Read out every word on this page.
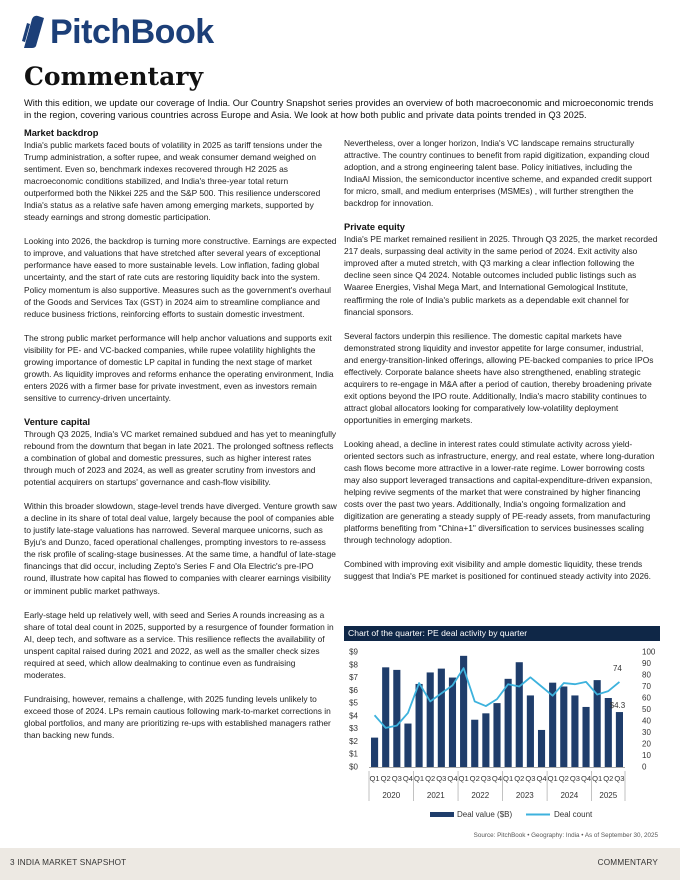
PitchBook
Commentary
With this edition, we update our coverage of India. Our Country Snapshot series provides an overview of both macroeconomic and microeconomic trends in the region, covering various countries across Europe and Asia. We look at how both public and private data points trended in Q3 2025.
Market backdrop

India's public markets faced bouts of volatility in 2025 as tariff tensions under the Trump administration, a softer rupee, and weak consumer demand weighed on sentiment. Even so, benchmark indexes recovered through H2 2025 as macroeconomic conditions stabilized, and India's three-year total return outperformed both the Nikkei 225 and the S&P 500. This resilience underscored India's status as a relative safe haven among emerging markets, supported by steady earnings and strong domestic participation.

Looking into 2026, the backdrop is turning more constructive. Earnings are expected to improve, and valuations that have stretched after several years of exceptional performance have eased to more sustainable levels. Low inflation, fading global uncertainty, and the start of rate cuts are restoring liquidity back into the system. Policy momentum is also supportive. Measures such as the government's overhaul of the Goods and Services Tax (GST) in 2024 aim to streamline compliance and reduce business frictions, reinforcing efforts to sustain domestic investment.

The strong public market performance will help anchor valuations and supports exit visibility for PE- and VC-backed companies, while rupee volatility highlights the growing importance of domestic LP capital in funding the next stage of market growth. As liquidity improves and reforms enhance the operating environment, India enters 2026 with a firmer base for private investment, even as investors remain sensitive to currency-driven uncertainty.

Venture capital

Through Q3 2025, India's VC market remained subdued and has yet to meaningfully rebound from the downturn that began in late 2021. The prolonged softness reflects a combination of global and domestic pressures, such as higher interest rates through much of 2023 and 2024, as well as greater scrutiny from investors and potential acquirers on startups' governance and cash-flow visibility.

Within this broader slowdown, stage-level trends have diverged. Venture growth saw a decline in its share of total deal value, largely because the pool of companies able to justify late-stage valuations has narrowed. Several marquee unicorns, such as Byju's and Dunzo, faced operational challenges, prompting investors to re-assess the risk profile of scaling-stage businesses. At the same time, a handful of late-stage financings that did occur, including Zepto's Series F and Ola Electric's pre-IPO round, illustrate how capital has flowed to companies with clearer earnings visibility or imminent public market pathways.

Early-stage held up relatively well, with seed and Series A rounds increasing as a share of total deal count in 2025, supported by a resurgence of founder formation in AI, deep tech, and software as a service. This resilience reflects the availability of unspent capital raised during 2021 and 2022, as well as the smaller check sizes required at seed, which allow dealmaking to continue even as fundraising moderates.

Fundraising, however, remains a challenge, with 2025 funding levels unlikely to exceed those of 2024. LPs remain cautious following mark-to-market corrections in global portfolios, and many are prioritizing re-ups with established managers rather than backing new funds.

Nevertheless, over a longer horizon, India's VC landscape remains structurally attractive. The country continues to benefit from rapid digitization, expanding cloud adoption, and a strong engineering talent base. Policy initiatives, including the IndiaAI Mission, the semiconductor incentive scheme, and expanded credit support for micro, small, and medium enterprises (MSMEs) , will further strengthen the backdrop for innovation.

Private equity

India's PE market remained resilient in 2025. Through Q3 2025, the market recorded 217 deals, surpassing deal activity in the same period of 2024. Exit activity also improved after a muted stretch, with Q3 marking a clear inflection following the decline seen since Q4 2024. Notable outcomes included public listings such as Waaree Energies, Vishal Mega Mart, and International Gemological Institute, reaffirming the role of India's public markets as a dependable exit channel for financial sponsors.

Several factors underpin this resilience. The domestic capital markets have demonstrated strong liquidity and investor appetite for large consumer, industrial, and energy-transition-linked offerings, allowing PE-backed companies to price IPOs effectively. Corporate balance sheets have also strengthened, enabling strategic acquirers to re-engage in M&A after a period of caution, thereby broadening private exit options beyond the IPO route. Additionally, India's macro stability continues to attract global allocators looking for comparatively low-volatility deployment opportunities in emerging markets.

Looking ahead, a decline in interest rates could stimulate activity across yield-oriented sectors such as infrastructure, energy, and real estate, where long-duration cash flows become more attractive in a lower-rate regime. Lower borrowing costs may also support leveraged transactions and capital-expenditure-driven expansion, helping revive segments of the market that were constrained by higher financing costs over the past two years. Additionally, India's ongoing formalization and digitization are generating a steady supply of PE-ready assets, from manufacturing platforms benefiting from "China+1" diversification to services businesses scaling through technology adoption.

Combined with improving exit visibility and ample domestic liquidity, these trends suggest that India's PE market is positioned for continued steady activity into 2026.

Chart of the quarter: PE deal activity by quarter
$0
$1
$2
$3
$4
$5
$6
$7
$8
$9
0
10
20
30
40
50
60
70
80
90
100
74
$4.3
Q1 Q2 Q3 Q4 Q1 Q2 Q3 Q4 Q1 Q2 Q3 Q4 Q1 Q2 Q3 Q4 Q1 Q2 Q3 Q4 Q1 Q2 Q3
2020	2021	2022	2023	2024	2025
Deal value ($B)	Deal count
Source: PitchBook • Geography: India • As of September 30, 2025
3 INDIA MARKET SNAPSHOT	COMMENTARY
